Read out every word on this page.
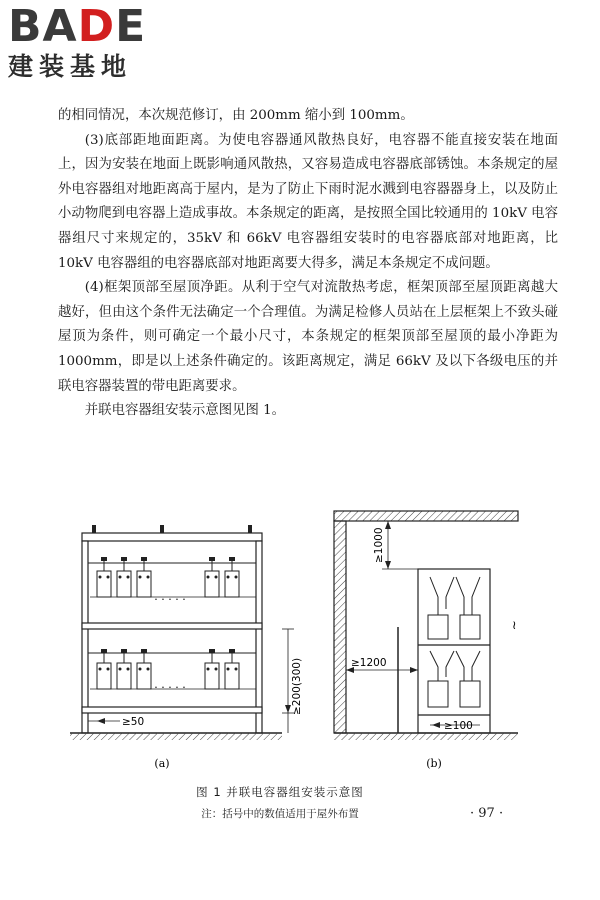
BADE
建装基地

的相同情况，本次规范修订，由 200mm 缩小到 100mm。

(3)底部距地面距离。为使电容器通风散热良好，电容器不能直接安装在地面上，因为安装在地面上既影响通风散热，又容易造成电容器底部锈蚀。本条规定的屋外电容器组对地距离高于屋内，是为了防止下雨时泥水溅到电容器器身上，以及防止小动物爬到电容器上造成事故。本条规定的距离，是按照全国比较通用的 10kV 电容器组尺寸来规定的，35kV 和 66kV 电容器组安装时的电容器底部对地距离，比 10kV 电容器组的电容器底部对地距离要大得多，满足本条规定不成问题。

(4)框架顶部至屋顶净距。从利于空气对流散热考虑，框架顶部至屋顶距离越大越好，但由这个条件无法确定一个合理值。为满足检修人员站在上层框架上不致头碰屋顶为条件，则可确定一个最小尺寸，本条规定的框架顶部至屋顶的最小净距为 1000mm，即是以上述条件确定的。该距离规定，满足 66kV 及以下各级电压的并联电容器装置的带电距离要求。

并联电容器组安装示意图见图 1。

· · · · ·
· · · · ·	≥200(300)
≥50
(a)
≀
≥1000
≥1200
≥100
(b)
图 1 并联电容器组安装示意图
注：括号中的数值适用于屋外布置	· 97 ·
